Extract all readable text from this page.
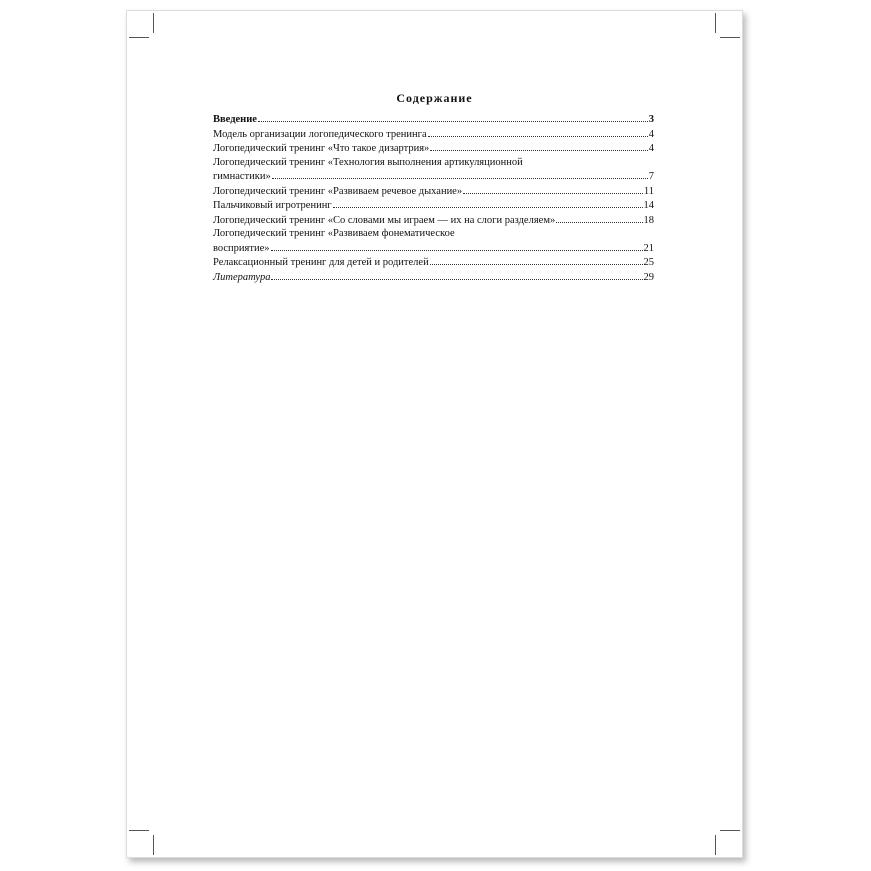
Содержание
Введение	3
Модель организации логопедического тренинга	4
Логопедический тренинг «Что такое дизартрия»	4
Логопедический тренинг «Технология выполнения артикуляционной
гимнастики»	7
Логопедический тренинг «Развиваем речевое дыхание»	11
Пальчиковый игротренинг	14
Логопедический тренинг «Со словами мы играем — их на слоги разделяем»	18
Логопедический тренинг «Развиваем фонематическое
восприятие»	21
Релаксационный тренинг для детей и родителей	25
Литература	29
